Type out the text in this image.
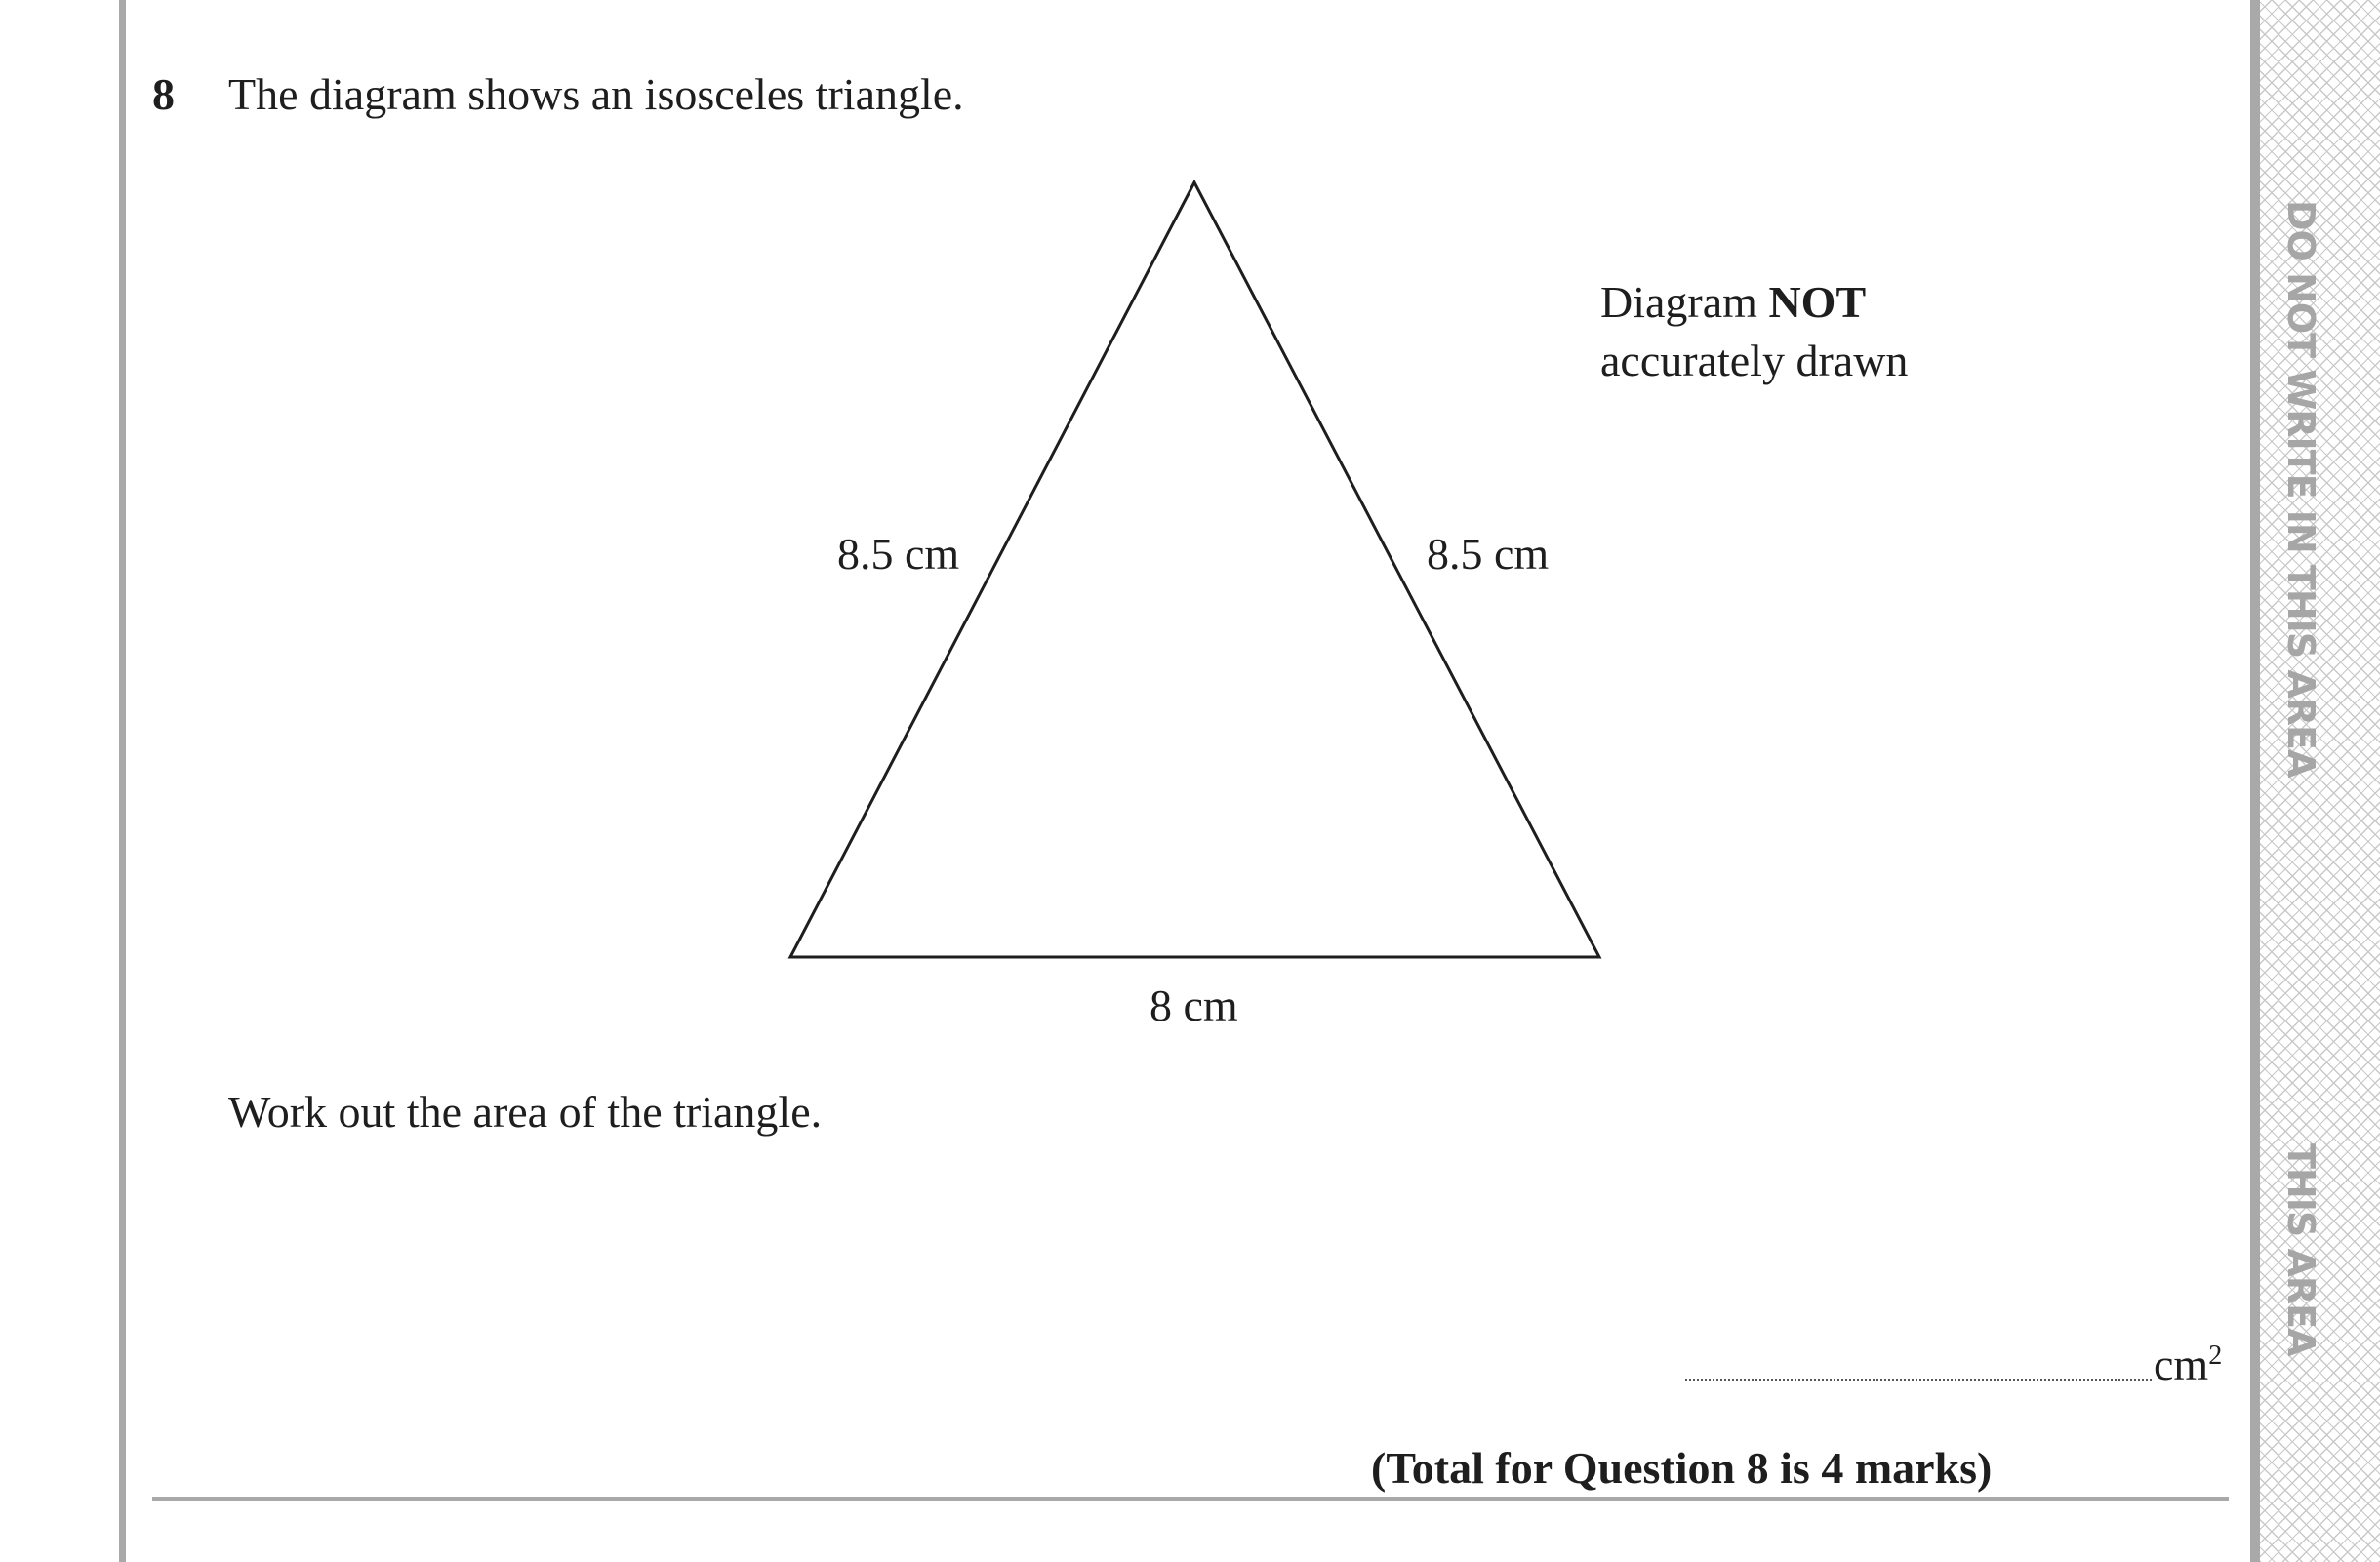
DO NOT WRITE IN THIS AREA
THIS AREA
8 The diagram shows an isosceles triangle.
8.5 cm	8.5 cm
8 cm
Diagram NOT
accurately drawn
Work out the area of the triangle.
$cm^2$
(Total for Question 8 is 4 marks)
